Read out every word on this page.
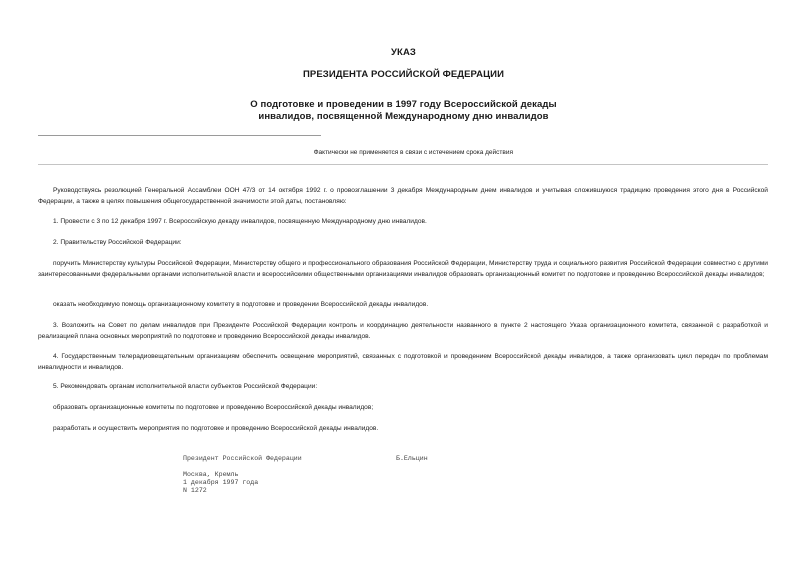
УКАЗ
ПРЕЗИДЕНТА РОССИЙСКОЙ ФЕДЕРАЦИИ
О подготовке и проведении в 1997 году Всероссийской декады
инвалидов, посвященной Международному дню инвалидов
Фактически не применяется в связи с истечением срока действия

Руководствуясь резолюцией Генеральной Ассамблеи ООН 47/3 от 14 октября 1992 г. о провозглашении 3 декабря Международным днем инвалидов и учитывая сложившуюся традицию проведения этого дня в Российской Федерации, а также в целях повышения общегосударственной значимости этой даты, постановляю:

1. Провести с 3 по 12 декабря 1997 г. Всероссийскую декаду инвалидов, посвященную Международному дню инвалидов.

2. Правительству Российской Федерации:

поручить Министерству культуры Российской Федерации, Министерству общего и профессионального образования Российской Федерации, Министерству труда и социального развития Российской Федерации совместно с другими заинтересованными федеральными органами исполнительной власти и всероссийскими общественными организациями инвалидов образовать организационный комитет по подготовке и проведению Всероссийской декады инвалидов;

оказать необходимую помощь организационному комитету в подготовке и проведении Всероссийской декады инвалидов.

3. Возложить на Совет по делам инвалидов при Президенте Российской Федерации контроль и координацию деятельности названного в пункте 2 настоящего Указа организационного комитета, связанной с разработкой и реализацией плана основных мероприятий по подготовке и проведению Всероссийской декады инвалидов.

4. Государственным телерадиовещательным организациям обеспечить освещение мероприятий, связанных с подготовкой и проведением Всероссийской декады инвалидов, а также организовать цикл передач по проблемам инвалидности и инвалидов.

5. Рекомендовать органам исполнительной власти субъектов Российской Федерации:

образовать организационные комитеты по подготовке и проведению Всероссийской декады инвалидов;

разработать и осуществить мероприятия по подготовке и проведению Всероссийской декады инвалидов.

Президент Российской Федерации	Б.Ельцин
Москва, Кремль
1 декабря 1997 года
N 1272
